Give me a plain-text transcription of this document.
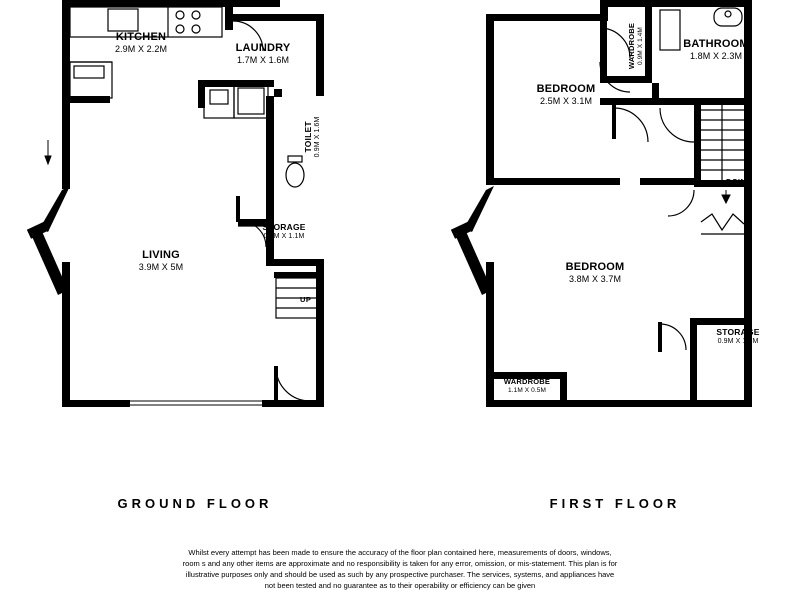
KITCHEN
2.9M X 2.2M	LAUNDRY
1.7M X 1.6M
TOILET 0.9M X 1.6M
STORAGE
0.9M X 1.1M
LIVING
3.9M X 5M
UP
BEDROOM
2.5M X 3.1M
BATHROOM
1.8M X 2.3M
WARDROBE 0.9M X 1.4M
BEDROOM
3.8M X 3.7M
STORAGE
0.9M X 1.5M
WARDROBE
1.1M X 0.5M
DOWN
GROUND FLOOR	FIRST FLOOR
Whilst every attempt has been made to ensure the accuracy of the floor plan contained here, measurements of doors, windows, room s and any other items are approximate and no responsibility is taken for any error, omission, or mis-statement. This plan is for illustrative purposes only and should be used as such by any prospective purchaser. The services, systems, and appliances have not been tested and no guarantee as to their operability or efficiency can be given
